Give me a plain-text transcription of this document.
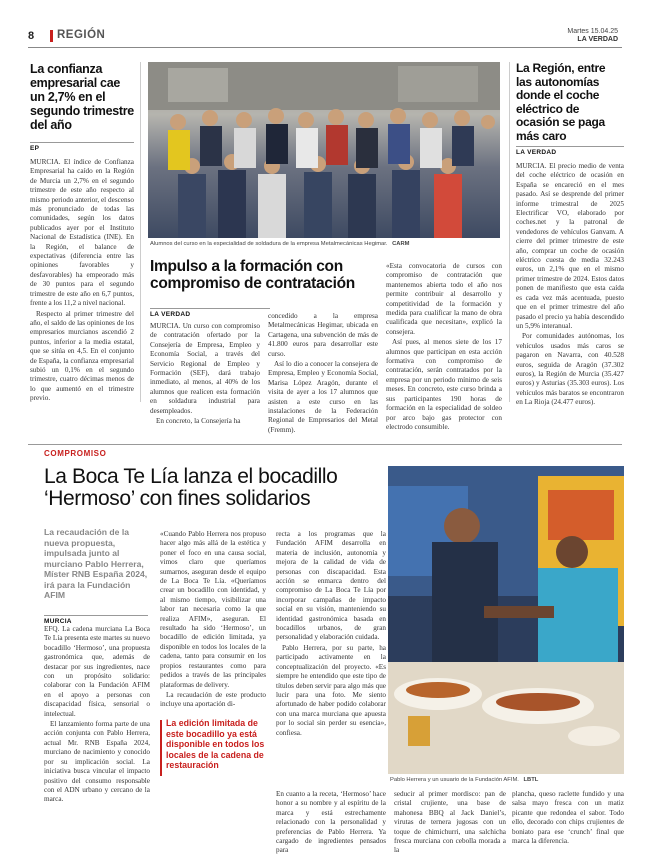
8 REGIÓN	Martes 15.04.25
LA VERDAD
La confianza empresarial cae un 2,7% en el segundo trimestre del año
EP

MURCIA. El índice de Confianza Empresarial ha caído en la Región de Murcia un 2,7% en el segundo trimestre de este año respecto al mismo periodo anterior, el descenso más pronunciado de todas las comunidades, según los datos publicados ayer por el Instituto Nacional de Estadística (INE). En la Región, el balance de expectativas (diferencia entre las opiniones favorables y desfavorables) ha empeorado más de 30 puntos para el segundo trimestre de este año en 6,7 puntos, frente a los 11,2 a nivel nacional.

Respecto al primer trimestre del año, el saldo de las opiniones de los empresarios murcianos ascendió 2 puntos, inferior a la media estatal, que se sitúa en 4,5. En el conjunto de España, la confianza empresarial subió un 0,1% en el segundo trimestre, cuatro décimas menos de lo que aumentó en el trimestre previo.

Alumnos del curso en la especialidad de soldadura de la empresa Metalmecánicas Hegimar. CARM
Impulso a la formación con compromiso de contratación
LA VERDAD

MURCIA. Un curso con compromiso de contratación ofertado por la Consejería de Empresa, Empleo y Economía Social, a través del Servicio Regional de Empleo y Formación (SEF), dará trabajo inmediato, al menos, al 40% de los alumnos que realicen esta formación en soldadura industrial para desempleados.

En concreto, la Consejería ha

concedido a la empresa Metalmecánicas Hegimar, ubicada en Cartagena, una subvención de más de 41.800 euros para desarrollar este curso.

Así lo dio a conocer la consejera de Empresa, Empleo y Economía Social, Marisa López Aragón, durante el visita de ayer a los 17 alumnos que asisten a este curso en las instalaciones de la Federación Regional de Empresarios del Metal (Fremm).

«Esta convocatoria de cursos con compromiso de contratación que mantenemos abierta todo el año nos permite contribuir al desarrollo y competitividad de la formación y medida para cualificar la mano de obra cualificada que necesitan», explicó la consejera.

Así pues, al menos siete de los 17 alumnos que participan en esta acción formativa con compromiso de contratación, serán contratados por la empresa por un periodo mínimo de seis meses. En concreto, este curso brinda a sus participantes 190 horas de formación en la especialidad de soldeo por arco bajo gas protector con electrodo consumible.

La Región, entre las autonomías donde el coche eléctrico de ocasión se paga más caro
LA VERDAD

MURCIA. El precio medio de venta del coche eléctrico de ocasión en España se encareció en el mes pasado. Así se desprende del primer informe trimestral de 2025 Electrificar VO, elaborado por coches.net y la patronal de vendedores de vehículos Ganvam. A cierre del primer trimestre de este año, comprar un coche de ocasión eléctrico cuesta de media 32.243 euros, un 2,1% que en el mismo primer trimestre de 2024. Estos datos ponen de manifiesto que esta caída es cada vez más acentuada, puesto que en el primer trimestre del año pasado el precio ya había descendido un 5,9% interanual.

Por comunidades autónomas, los vehículos usados más caros se pagaron en Navarra, con 40.528 euros, seguida de Aragón (37.302 euros), la Región de Murcia (35.427 euros) y Asturias (35.303 euros). Los vehículos más baratos se encontraron en La Rioja (24.477 euros).

COMPROMISO
La Boca Te Lía lanza el bocadillo ‘Hermoso’ con fines solidarios
La recaudación de la nueva propuesta, impulsada junto al murciano Pablo Herrera, Míster RNB España 2024, irá para la Fundación AFIM
MURCIA

EFQ. La cadena murciana La Boca Te Lía presenta este martes su nuevo bocadillo ‘Hermoso’, una propuesta gastronómica que, además de destacar por sus ingredientes, nace con un propósito solidario: colaborar con la Fundación AFIM en el apoyo a personas con discapacidad física, sensorial o intelectual.

El lanzamiento forma parte de una acción conjunta con Pablo Herrera, actual Mr. RNB España 2024, murciano de nacimiento y conocido por su implicación social. La iniciativa busca vincular el impacto positivo del consumo responsable con el ADN urbano y cercano de la marca.

«Cuando Pablo Herrera nos propuso hacer algo más allá de la estética y poner el foco en una causa social, vimos claro que queríamos sumarnos, aseguran desde el equipo de La Boca Te Lía. «Queríamos crear un bocadillo con identidad, y al mismo tiempo, visibilizar una labor tan necesaria como la que realiza AFIM», aseguran. El resultado ha sido ‘Hermoso’, un bocadillo de edición limitada, ya disponible en todos los locales de la cadena, tanto para consumir en los propios restaurantes como para pedidos a través de las principales plataformas de delivery.

La recaudación de este producto incluye una aportación di-

La edición limitada de este bocadillo ya está disponible en todos los locales de la cadena de restauración

recta a los programas que la Fundación AFIM desarrolla en materia de inclusión, autonomía y mejora de la calidad de vida de personas con discapacidad. Esta acción se enmarca dentro del compromiso de La Boca Te Lía por incorporar campañas de impacto social en su visión, manteniendo su identidad gastronómica basada en bocadillos urbanos, de gran personalidad y elaboración cuidada.

Pablo Herrera, por su parte, ha participado activamente en la conceptualización del proyecto. «Es siempre he entendido que este tipo de títulos deben servir para algo más que lucir para una foto. Me siento afortunado de haber podido colaborar con una marca murciana que apuesta por lo social sin perder su esencia», confiesa.

Pablo Herrera y un usuario de la Fundación AFIM. LBTL

En cuanto a la receta, ‘Hermoso’ hace honor a su nombre y al espíritu de la marca y está estrechamente relacionado con la personalidad y preferencias de Pablo Herrera. Ya cargado de ingredientes pensados para

seducir al primer mordisco: pan de cristal crujiente, una base de mahonesa BBQ al Jack Daniel’s, virutas de ternera jugosas con un toque de chimichurri, una salchicha fresca murciana con cebolla morada a la

plancha, queso raclette fundido y una salsa mayo fresca con un matiz picante que redondea el sabor. Todo ello, decorado con chips crujientes de boniato para ese ‘crunch’ final que marca la diferencia.
